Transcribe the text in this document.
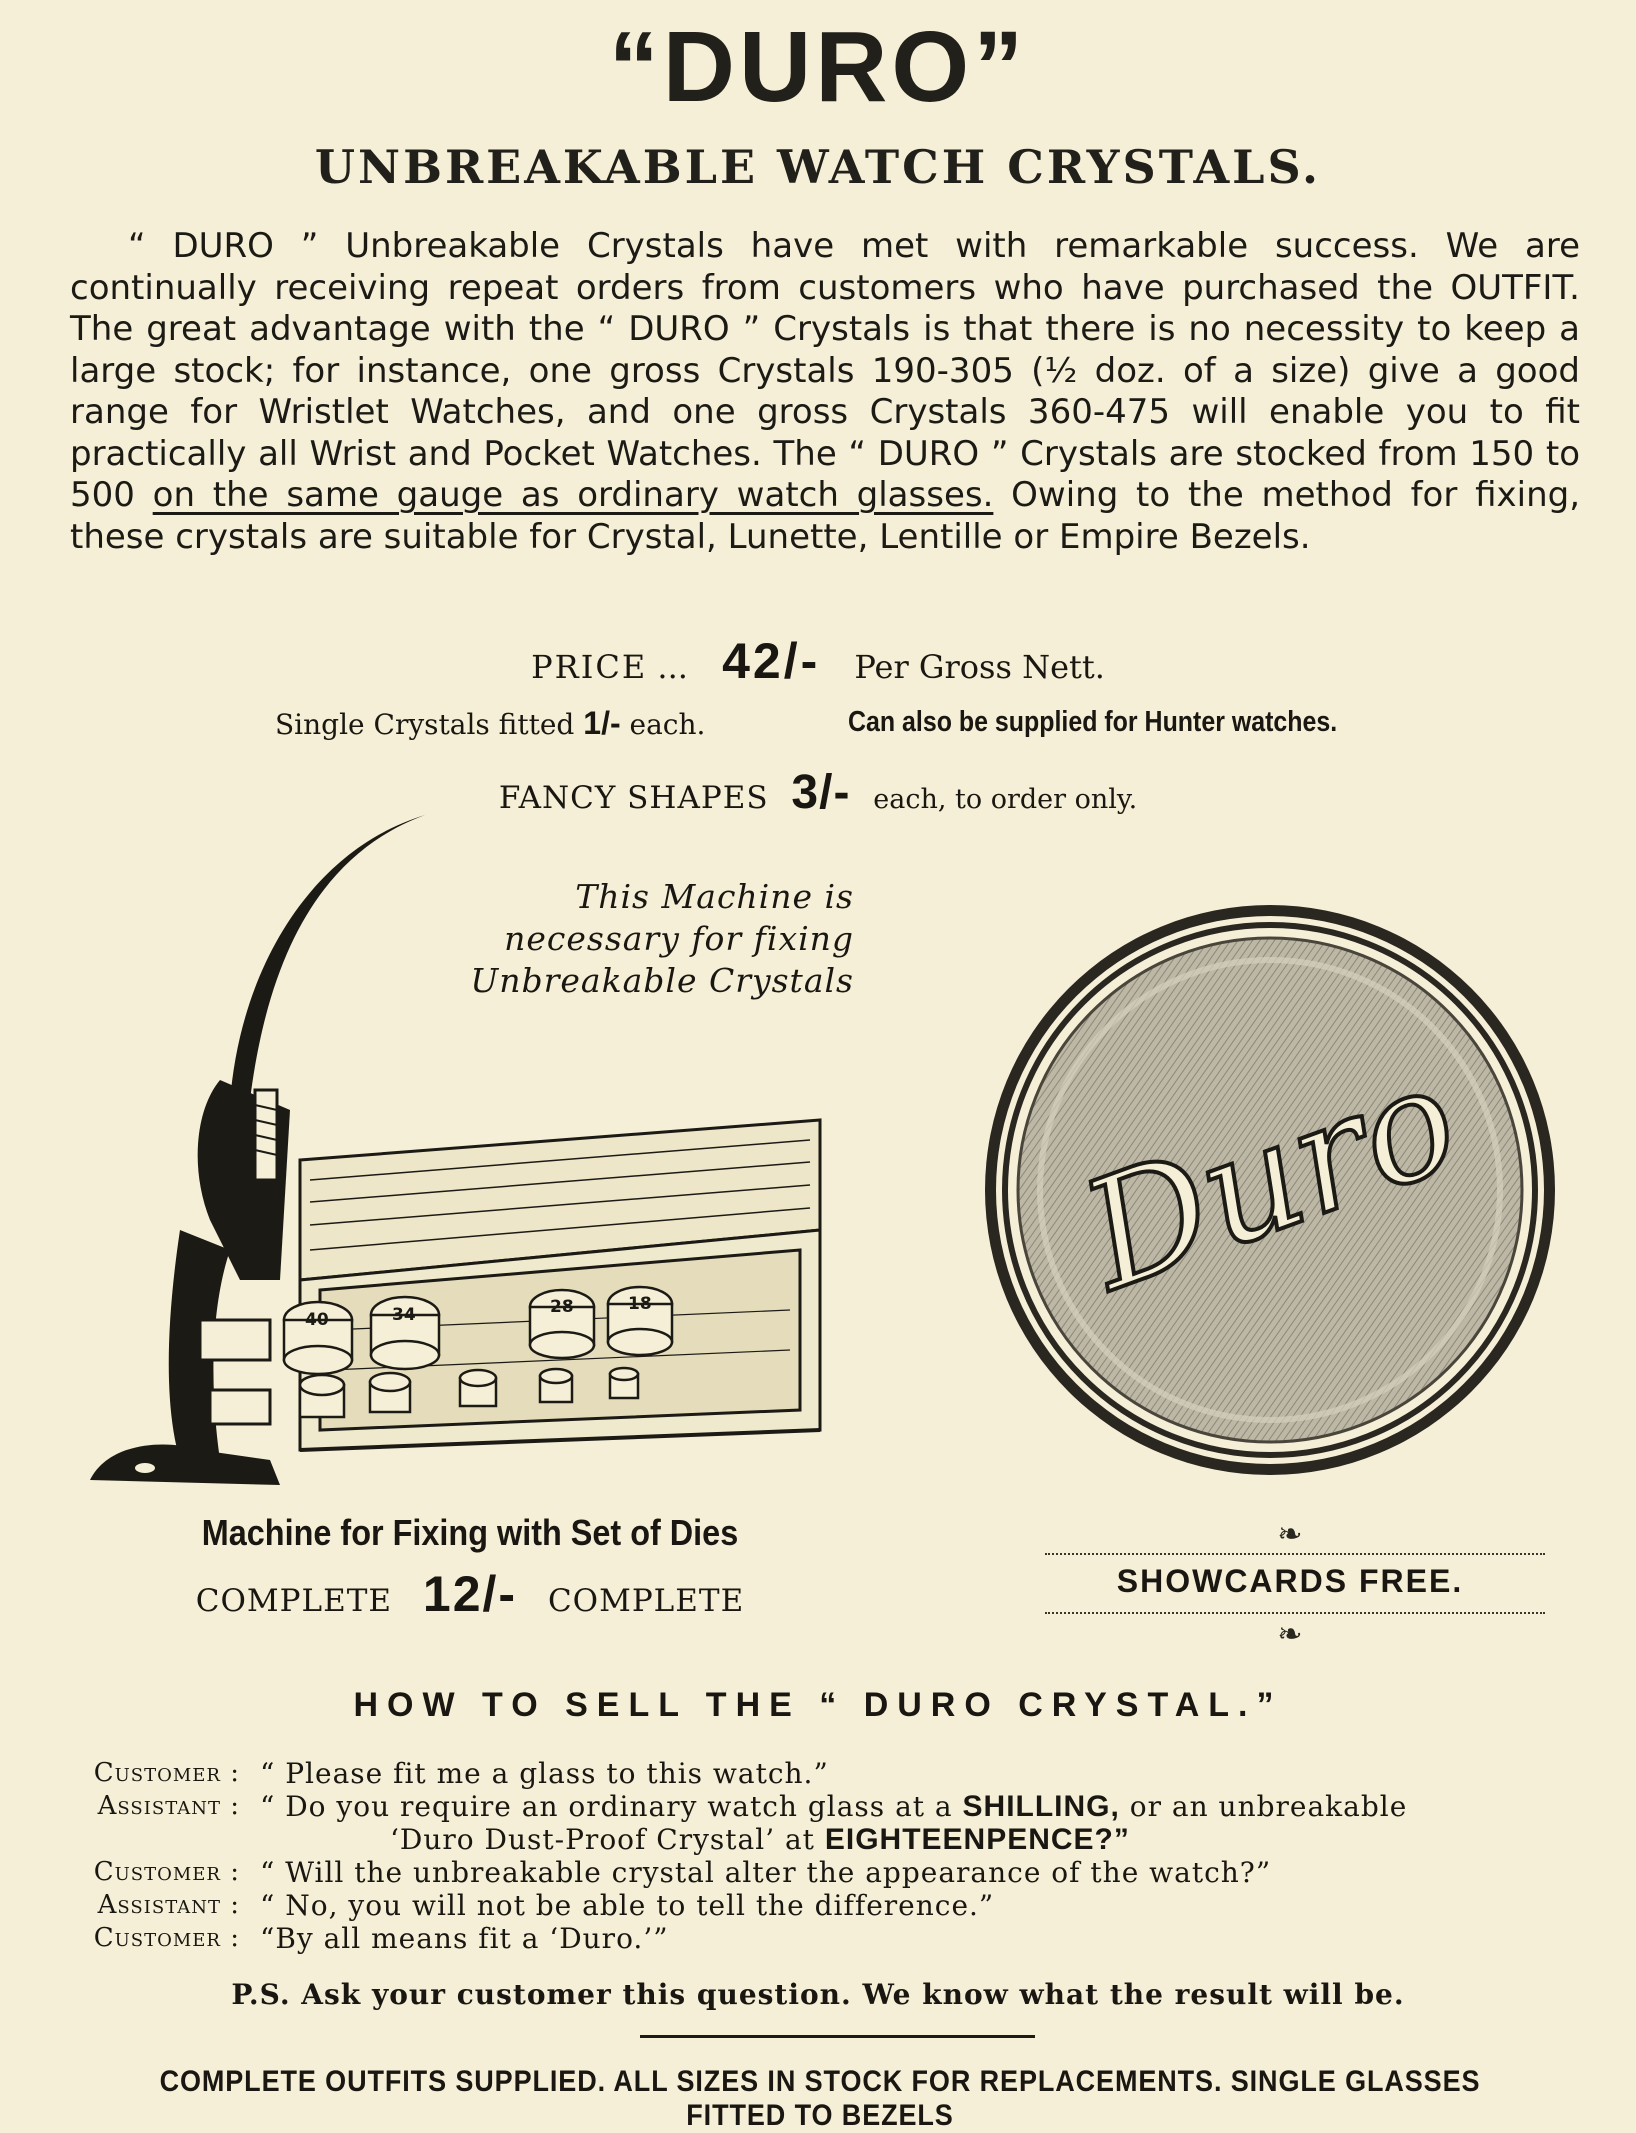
“DURO”
UNBREAKABLE WATCH CRYSTALS.
“ DURO ” Unbreakable Crystals have met with remarkable success. We are continually receiving repeat orders from customers who have purchased the OUTFIT. The great advantage with the “ DURO ” Crystals is that there is no necessity to keep a large stock; for instance, one gross Crystals 190-305 (½ doz. of a size) give a good range for Wristlet Watches, and one gross Crystals 360-475 will enable you to fit practically all Wrist and Pocket Watches. The “ DURO ” Crystals are stocked from 150 to 500 on the same gauge as ordinary watch glasses. Owing to the method for fixing, these crystals are suitable for Crystal, Lunette, Lentille or Empire Bezels.
PRICE ... 42/- Per Gross Nett.
Single Crystals fitted 1/- each.	Can also be supplied for Hunter watches.
FANCY SHAPES 3/- each, to order only.
40	34	28	18
This Machine is
necessary for fixing
Unbreakable Crystals
Duro
Machine for Fixing with Set of Dies
COMPLETE 12/- COMPLETE
❧
SHOWCARDS FREE.
❧
HOW TO SELL THE “ DURO CRYSTAL.”
Customer : “ Please fit me a glass to this watch.”
Assistant : “ Do you require an ordinary watch glass at a SHILLING, or an unbreakable
‘Duro Dust-Proof Crystal’ at EIGHTEENPENCE?”
Customer : “ Will the unbreakable crystal alter the appearance of the watch?”
Assistant : “ No, you will not be able to tell the difference.”
Customer : “By all means fit a ‘Duro.’”
P.S. Ask your customer this question. We know what the result will be.
COMPLETE OUTFITS SUPPLIED. ALL SIZES IN STOCK FOR REPLACEMENTS. SINGLE GLASSES FITTED TO BEZELS
